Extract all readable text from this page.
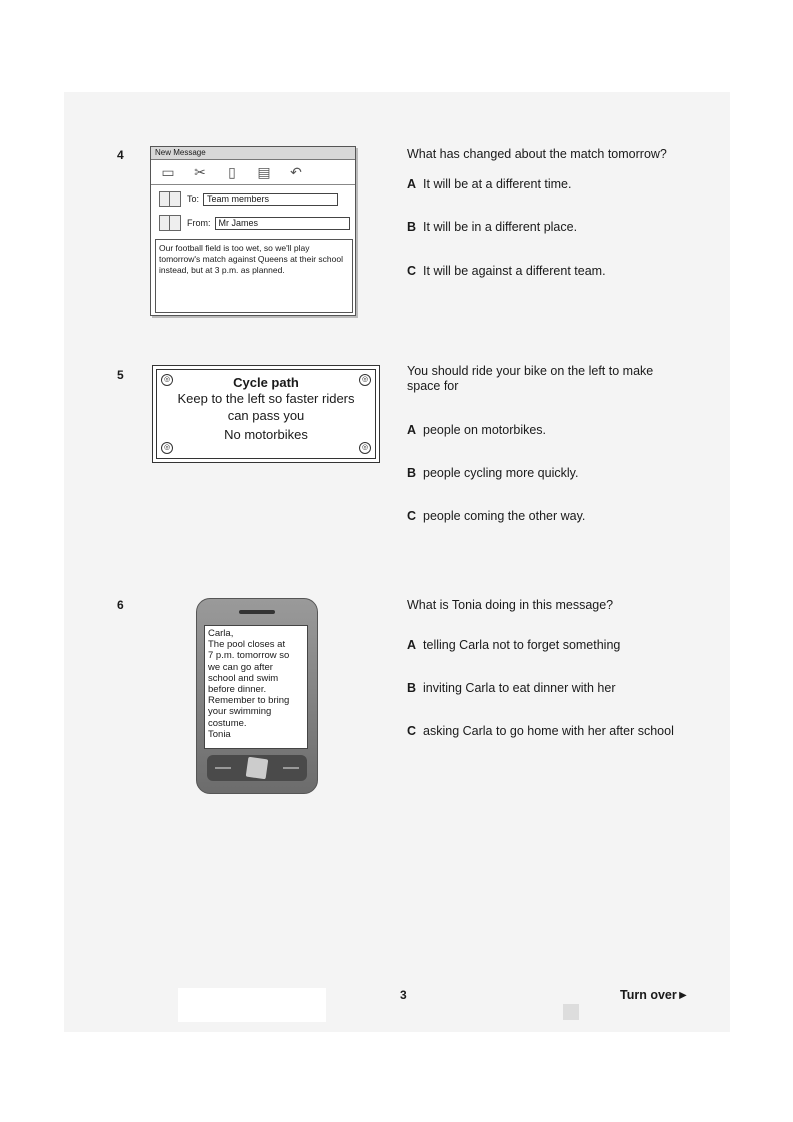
4	New Message
▭	✂	▯	▤	↶
To: Team members
From: Mr James
Our football field is too wet, so we'll play tomorrow's match against Queens at their school instead, but at 3 p.m. as planned.
What has changed about the match tomorrow?
A It will be at a different time.
B It will be in a different place.
C It will be against a different team.
5	◎	◎
◎	◎
Cycle path
Keep to the left so faster riders
can pass you
No motorbikes
You should ride your bike on the left to make
space for
A people on motorbikes.
B people cycling more quickly.
C people coming the other way.
6
Carla,
The pool closes at
7 p.m. tomorrow so
we can go after
school and swim
before dinner.
Remember to bring
your swimming
costume.
Tonia
What is Tonia doing in this message?
A telling Carla not to forget something
B inviting Carla to eat dinner with her
C asking Carla to go home with her after school
3	Turn over►
